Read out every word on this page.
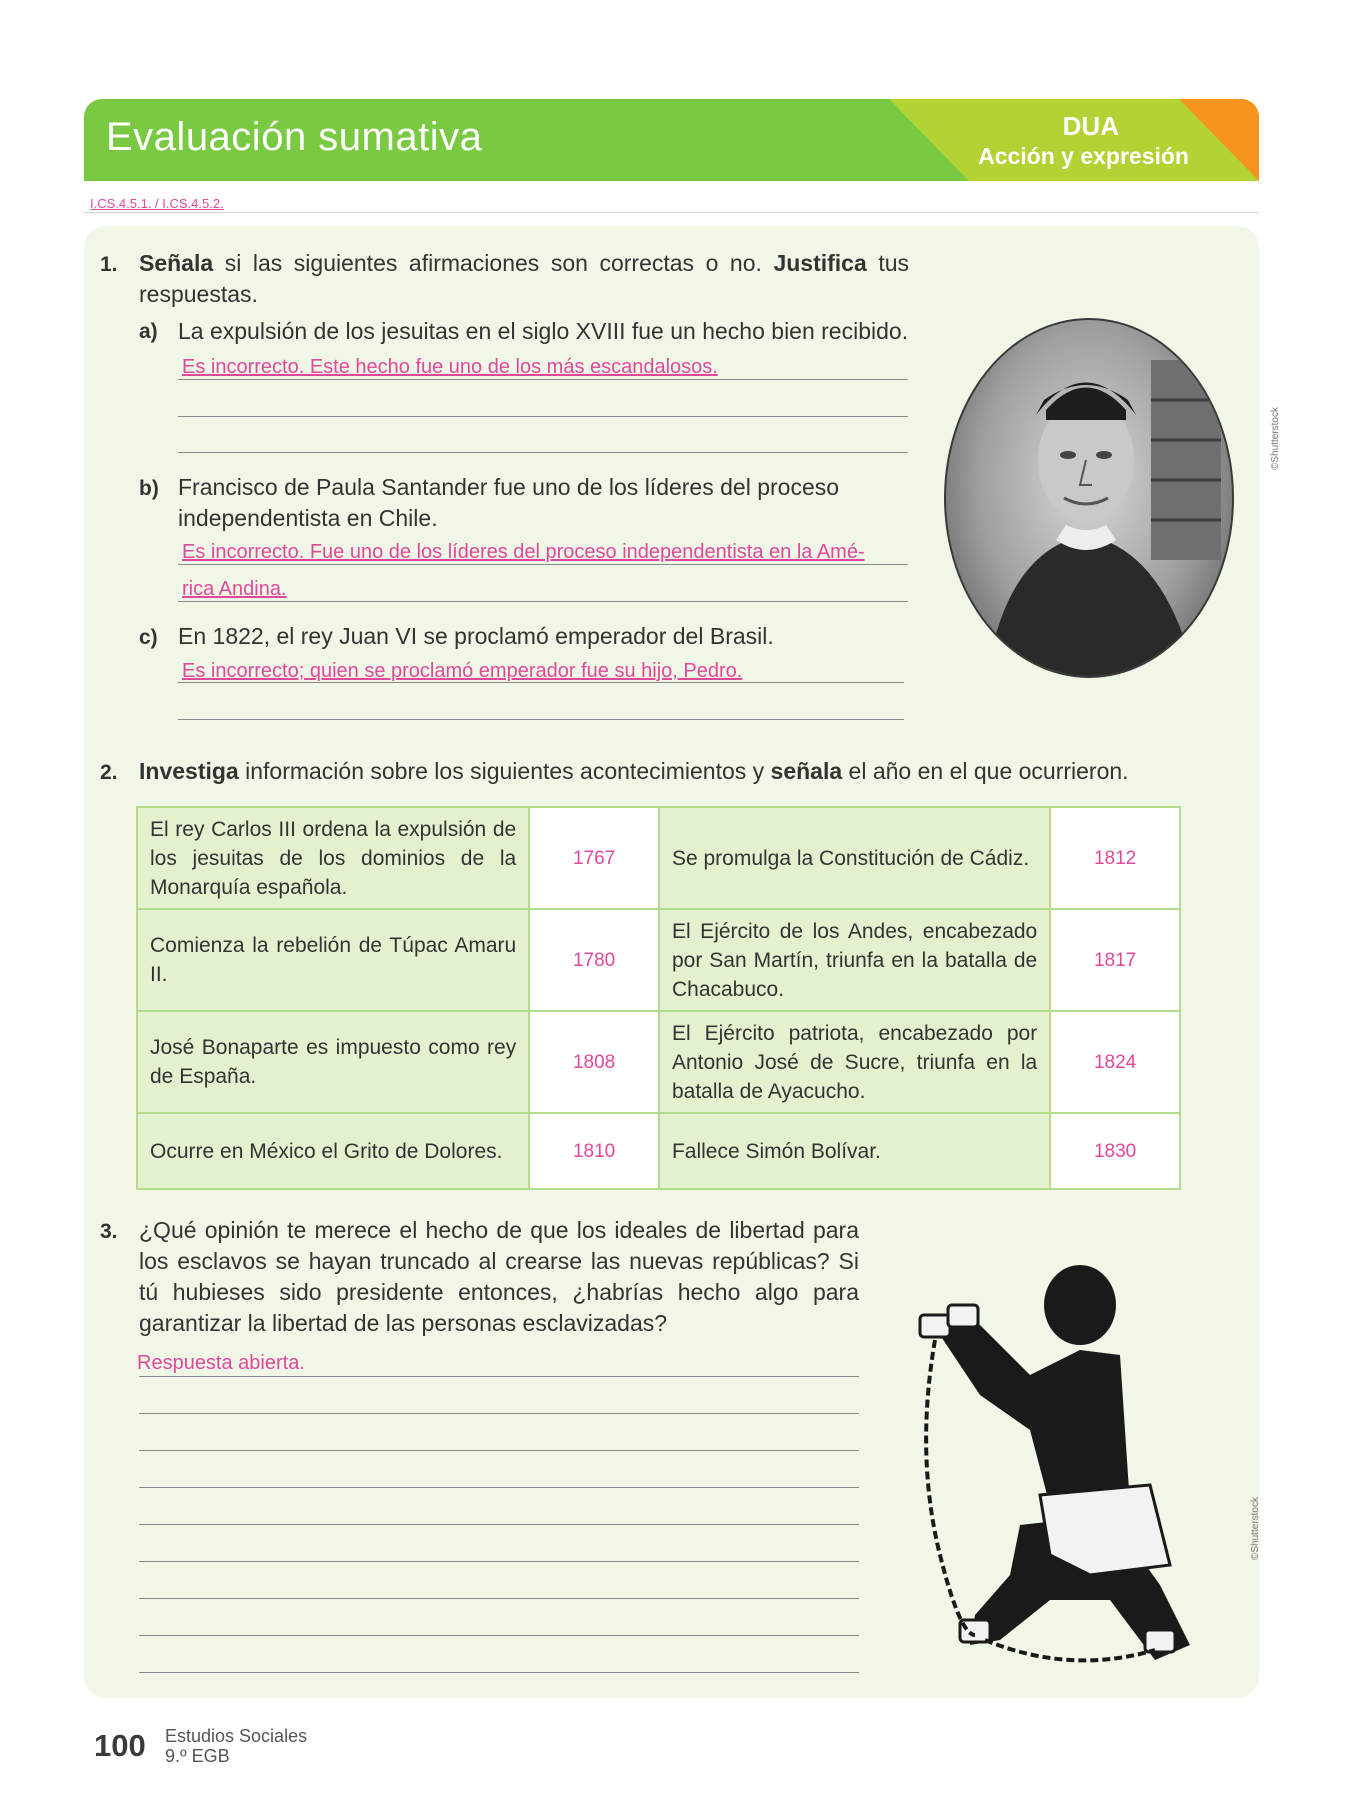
Evaluación sumativa	DUA
Acción y expresión
I.CS.4.5.1. / I.CS.4.5.2.
1. Señala si las siguientes afirmaciones son correctas o no. Justifica tus respuestas.
a) La expulsión de los jesuitas en el siglo XVIII fue un hecho bien recibido.
Es incorrecto. Este hecho fue uno de los más escandalosos.
b) Francisco de Paula Santander fue uno de los líderes del proceso independentista en Chile.
Es incorrecto. Fue uno de los líderes del proceso independentista en la Amé-
rica Andina.
c) En 1822, el rey Juan VI se proclamó emperador del Brasil.
Es incorrecto; quien se proclamó emperador fue su hijo, Pedro.
©Shutterstock
2. Investiga información sobre los siguientes acontecimientos y señala el año en el que ocurrieron.
El rey Carlos III ordena la expulsión de los jesuitas de los dominios de la Monarquía española.	1767	Se promulga la Constitución de Cádiz.	1812
Comienza la rebelión de Túpac Amaru II.	1780	El Ejército de los Andes, encabezado por San Martín, triunfa en la batalla de Chacabuco.	1817
José Bonaparte es impuesto como rey de España.	1808	El Ejército patriota, encabezado por Antonio José de Sucre, triunfa en la batalla de Ayacucho.	1824
Ocurre en México el Grito de Dolores.	1810	Fallece Simón Bolívar.	1830
3. ¿Qué opinión te merece el hecho de que los ideales de libertad para los esclavos se hayan truncado al crearse las nuevas repúblicas? Si tú hubieses sido presidente entonces, ¿habrías hecho algo para garantizar la libertad de las personas esclavizadas?
Respuesta abierta.
©Shutterstock
100 Estudios Sociales
9.º EGB
